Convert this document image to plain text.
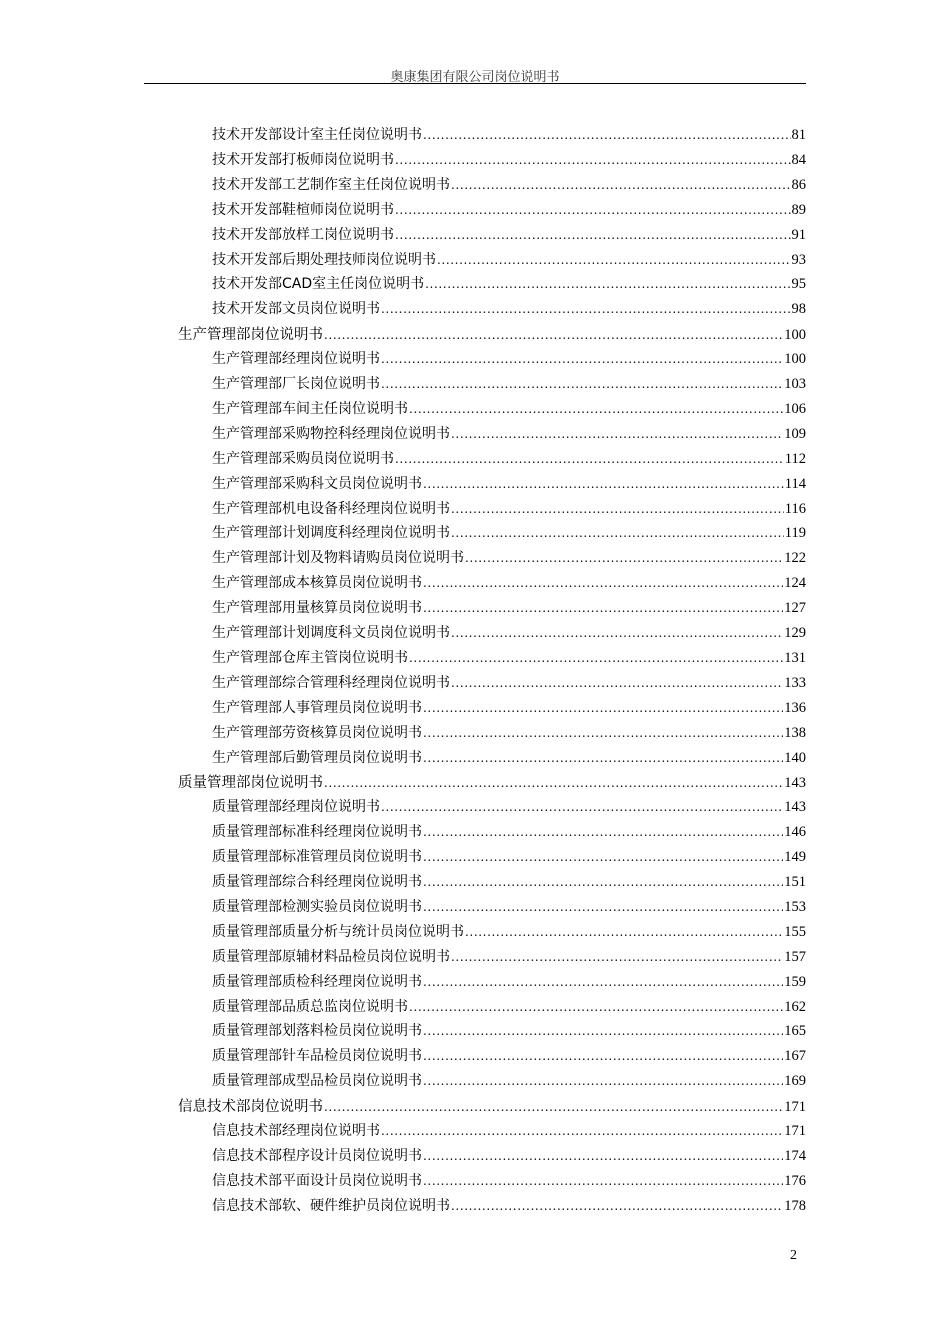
奥康集团有限公司岗位说明书
技术开发部设计室主任岗位说明书 .....	81
技术开发部打板师岗位说明书 .....	84
技术开发部工艺制作室主任岗位说明书 .....	86
技术开发部鞋楦师岗位说明书 .....	89
技术开发部放样工岗位说明书 .....	91
技术开发部后期处理技师岗位说明书 .....	93
技术开发部CAD室主任岗位说明书 .....	95
技术开发部文员岗位说明书 .....	98
生产管理部岗位说明书 .....	100
生产管理部经理岗位说明书 .....	100
生产管理部厂长岗位说明书 .....	103
生产管理部车间主任岗位说明书 .....	106
生产管理部采购物控科经理岗位说明书 .....	109
生产管理部采购员岗位说明书 .....	112
生产管理部采购科文员岗位说明书 .....	114
生产管理部机电设备科经理岗位说明书 .....	116
生产管理部计划调度科经理岗位说明书 .....	119
生产管理部计划及物料请购员岗位说明书 .....	122
生产管理部成本核算员岗位说明书 .....	124
生产管理部用量核算员岗位说明书 .....	127
生产管理部计划调度科文员岗位说明书 .....	129
生产管理部仓库主管岗位说明书 .....	131
生产管理部综合管理科经理岗位说明书 .....	133
生产管理部人事管理员岗位说明书 .....	136
生产管理部劳资核算员岗位说明书 .....	138
生产管理部后勤管理员岗位说明书 .....	140
质量管理部岗位说明书 .....	143
质量管理部经理岗位说明书 .....	143
质量管理部标准科经理岗位说明书 .....	146
质量管理部标准管理员岗位说明书 .....	149
质量管理部综合科经理岗位说明书 .....	151
质量管理部检测实验员岗位说明书 .....	153
质量管理部质量分析与统计员岗位说明书 .....	155
质量管理部原辅材料品检员岗位说明书 .....	157
质量管理部质检科经理岗位说明书 .....	159
质量管理部品质总监岗位说明书 .....	162
质量管理部划落料检员岗位说明书 .....	165
质量管理部针车品检员岗位说明书 .....	167
质量管理部成型品检员岗位说明书 .....	169
信息技术部岗位说明书 .....	171
信息技术部经理岗位说明书 .....	171
信息技术部程序设计员岗位说明书 .....	174
信息技术部平面设计员岗位说明书 .....	176
信息技术部软、硬件维护员岗位说明书 .....	178
2
